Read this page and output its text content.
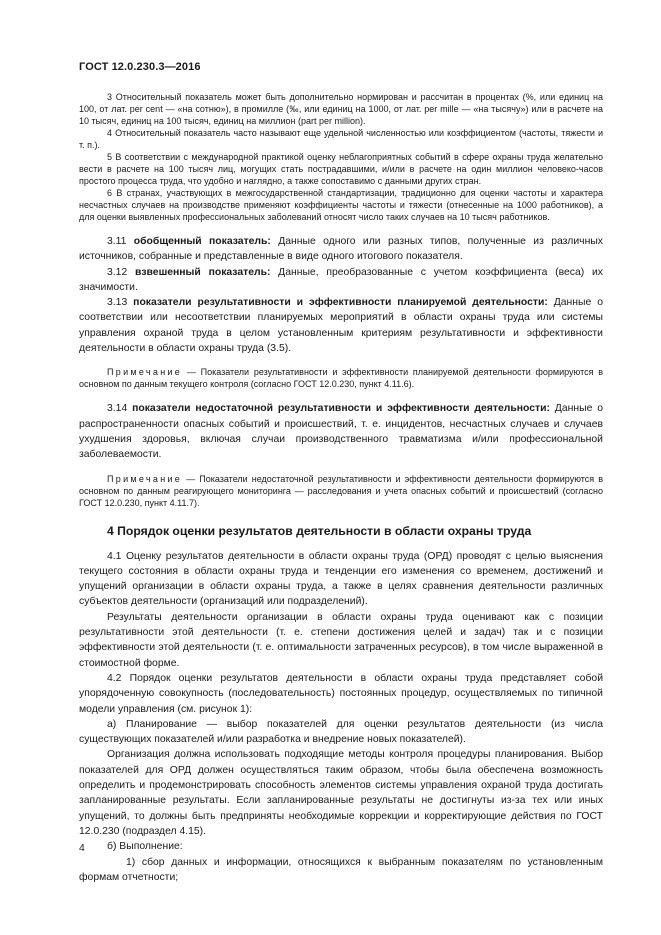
ГОСТ 12.0.230.3—2016

3 Относительный показатель может быть дополнительно нормирован и рассчитан в процентах (%, или единиц на 100, от лат. per cent — «на сотню»), в промилле (‰, или единиц на 1000, от лат. per mille — «на тысячу») или в расчете на 10 тысяч, единиц на 100 тысяч, единиц на миллион (part per million).

4 Относительный показатель часто называют еще удельной численностью или коэффициентом (частоты, тяжести и т. п.).

5 В соответствии с международной практикой оценку неблагоприятных событий в сфере охраны труда желательно вести в расчете на 100 тысяч лиц, могущих стать пострадавшими, и/или в расчете на один миллион человеко-часов простого процесса труда, что удобно и наглядно, а также сопоставимо с данными других стран.

6 В странах, участвующих в межгосударственной стандартизации, традиционно для оценки частоты и характера несчастных случаев на производстве применяют коэффициенты частоты и тяжести (отнесенные на 1000 работников), а для оценки выявленных профессиональных заболеваний относят число таких случаев на 10 тысяч работников.

3.11 обобщенный показатель: Данные одного или разных типов, полученные из различных источников, собранные и представленные в виде одного итогового показателя.

3.12 взвешенный показатель: Данные, преобразованные с учетом коэффициента (веса) их значимости.

3.13 показатели результативности и эффективности планируемой деятельности: Данные о соответствии или несоответствии планируемых мероприятий в области охраны труда или системы управления охраной труда в целом установленным критериям результативности и эффективности деятельности в области охраны труда (3.5).

Примечание — Показатели результативности и эффективности планируемой деятельности формируются в основном по данным текущего контроля (согласно ГОСТ 12.0.230, пункт 4.11.6).

3.14 показатели недостаточной результативности и эффективности деятельности: Данные о распространенности опасных событий и происшествий, т. е. инцидентов, несчастных случаев и случаев ухудшения здоровья, включая случаи производственного травматизма и/или профессиональной заболеваемости.

Примечание — Показатели недостаточной результативности и эффективности деятельности формируются в основном по данным реагирующего мониторинга — расследования и учета опасных событий и происшествий (согласно ГОСТ 12.0.230, пункт 4.11.7).

4 Порядок оценки результатов деятельности в области охраны труда

4.1 Оценку результатов деятельности в области охраны труда (ОРД) проводят с целью выяснения текущего состояния в области охраны труда и тенденции его изменения со временем, достижений и упущений организации в области охраны труда, а также в целях сравнения деятельности различных субъектов деятельности (организаций или подразделений).

Результаты деятельности организации в области охраны труда оценивают как с позиции результативности этой деятельности (т. е. степени достижения целей и задач) так и с позиции эффективности этой деятельности (т. е. оптимальности затраченных ресурсов), в том числе выраженной в стоимостной форме.

4.2 Порядок оценки результатов деятельности в области охраны труда представляет собой упорядоченную совокупность (последовательность) постоянных процедур, осуществляемых по типичной модели управления (см. рисунок 1):

а) Планирование — выбор показателей для оценки результатов деятельности (из числа существующих показателей и/или разработка и внедрение новых показателей).

Организация должна использовать подходящие методы контроля процедуры планирования. Выбор показателей для ОРД должен осуществляться таким образом, чтобы была обеспечена возможность определить и продемонстрировать способность элементов системы управления охраной труда достигать запланированные результаты. Если запланированные результаты не достигнуты из-за тех или иных упущений, то должны быть предприняты необходимые коррекции и корректирующие действия по ГОСТ 12.0.230 (подраздел 4.15).

б) Выполнение:

1) сбор данных и информации, относящихся к выбранным показателям по установленным формам отчетности;

4
